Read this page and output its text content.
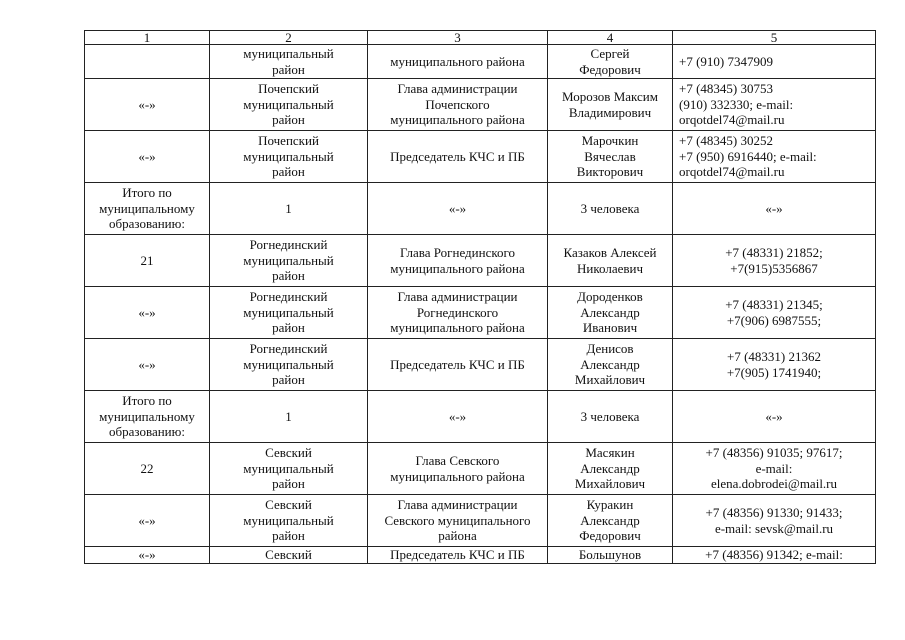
1	2	3	4	5
	муниципальный
район	муниципального района	Сергей
Федорович	+7 (910) 7347909
«-»	Почепский
муниципальный
район	Глава администрации
Почепского
муниципального района	Морозов Максим
Владимирович	+7 (48345) 30753
(910) 332330; e-mail:
orqotdel74@mail.ru
«-»	Почепский
муниципальный
район	Председатель КЧС и ПБ	Марочкин
Вячеслав
Викторович	+7 (48345) 30252
+7 (950) 6916440; e-mail:
orqotdel74@mail.ru
Итого по
муниципальному
образованию:	1	«-»	3 человека	«-»
21	Рогнединский
муниципальный
район	Глава Рогнединского
муниципального района	Казаков Алексей
Николаевич	+7 (48331) 21852;
+7(915)5356867
«-»	Рогнединский
муниципальный
район	Глава администрации
Рогнединского
муниципального района	Дороденков
Александр
Иванович	+7 (48331) 21345;
+7(906) 6987555;
«-»	Рогнединский
муниципальный
район	Председатель КЧС и ПБ	Денисов
Александр
Михайлович	+7 (48331) 21362
+7(905) 1741940;
Итого по
муниципальному
образованию:	1	«-»	3 человека	«-»
22	Севский
муниципальный
район	Глава Севского
муниципального района	Масякин
Александр
Михайлович	+7 (48356) 91035; 97617;
e-mail:
elena.dobrodei@mail.ru
«-»	Севский
муниципальный
район	Глава администрации
Севского муниципального
района	Куракин
Александр
Федорович	+7 (48356) 91330; 91433;
e-mail: sevsk@mail.ru
«-»	Севский	Председатель КЧС и ПБ	Большунов	+7 (48356) 91342; e-mail:
